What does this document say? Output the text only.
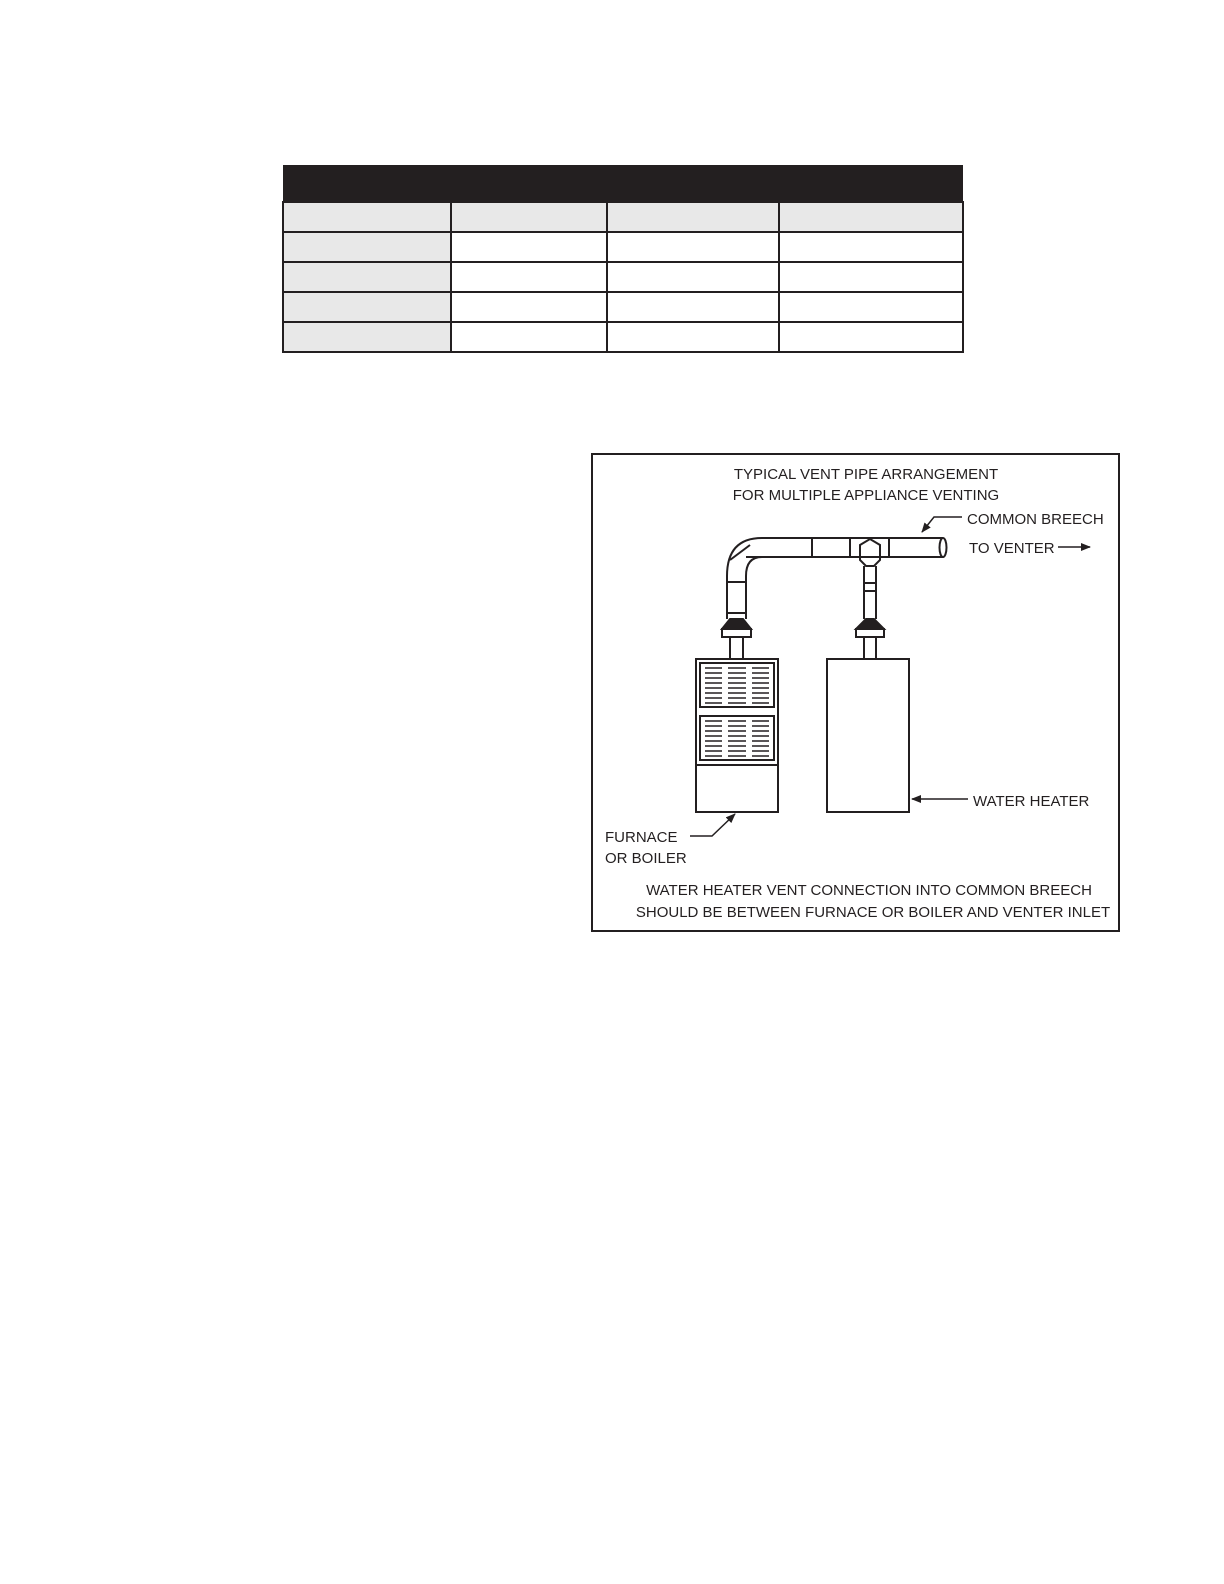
TYPICAL VENT PIPE ARRANGEMENT
FOR MULTIPLE APPLIANCE VENTING
COMMON BREECH
TO VENTER
WATER HEATER
FURNACE
OR BOILER
WATER HEATER VENT CONNECTION INTO COMMON BREECH
SHOULD BE BETWEEN FURNACE OR BOILER AND VENTER INLET
